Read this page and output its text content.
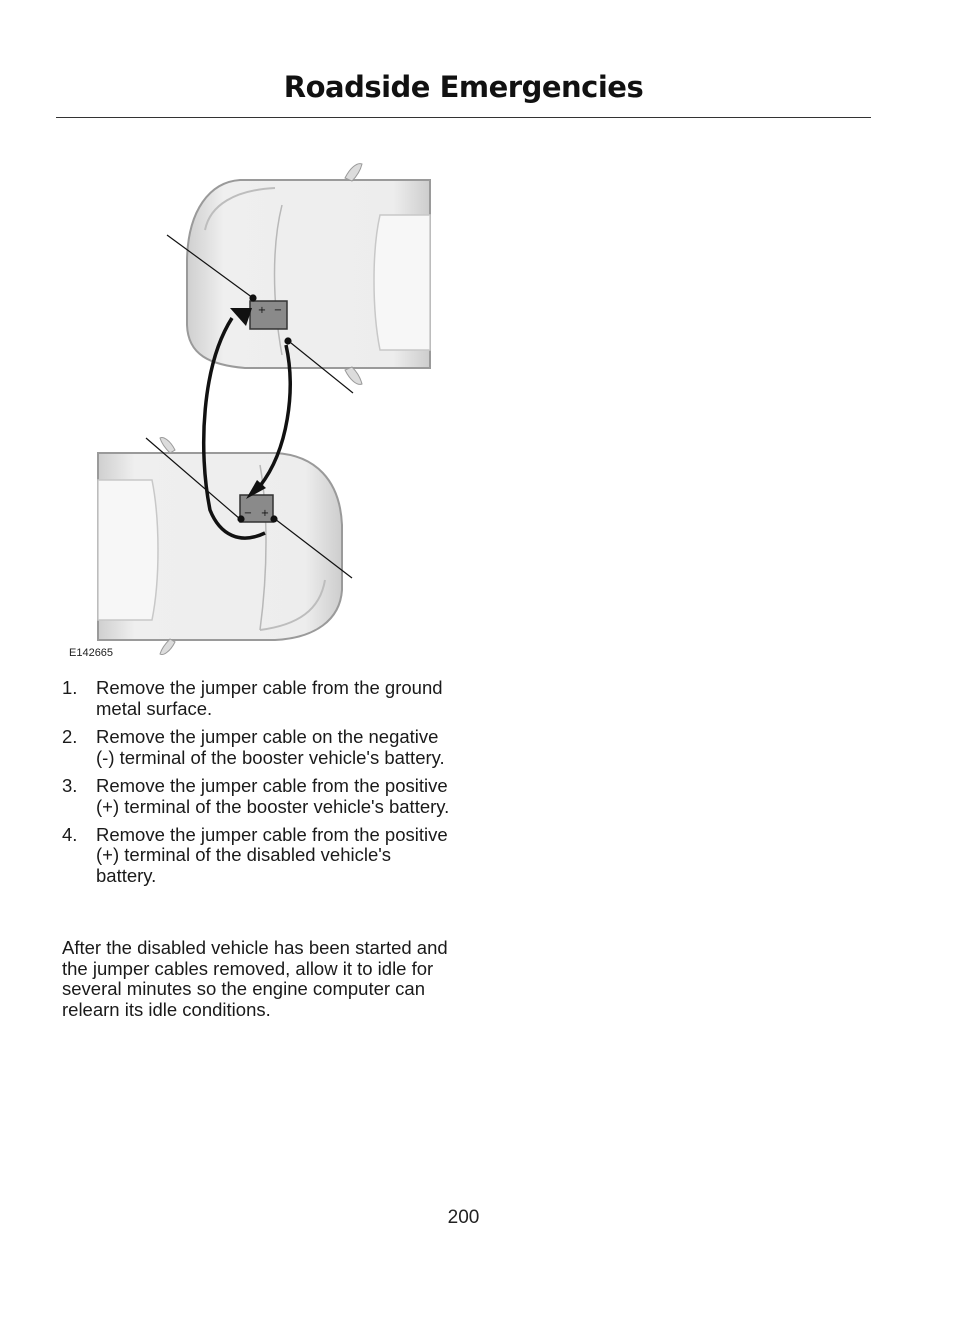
Roadside Emergencies
+ −
− +
E142665
1. Remove the jumper cable from the ground metal surface.
2. Remove the jumper cable on the negative (-) terminal of the booster vehicle's battery.
3. Remove the jumper cable from the positive (+) terminal of the booster vehicle's battery.
4. Remove the jumper cable from the positive (+) terminal of the disabled vehicle's battery.

After the disabled vehicle has been started and the jumper cables removed, allow it to idle for several minutes so the engine computer can relearn its idle conditions.

200
